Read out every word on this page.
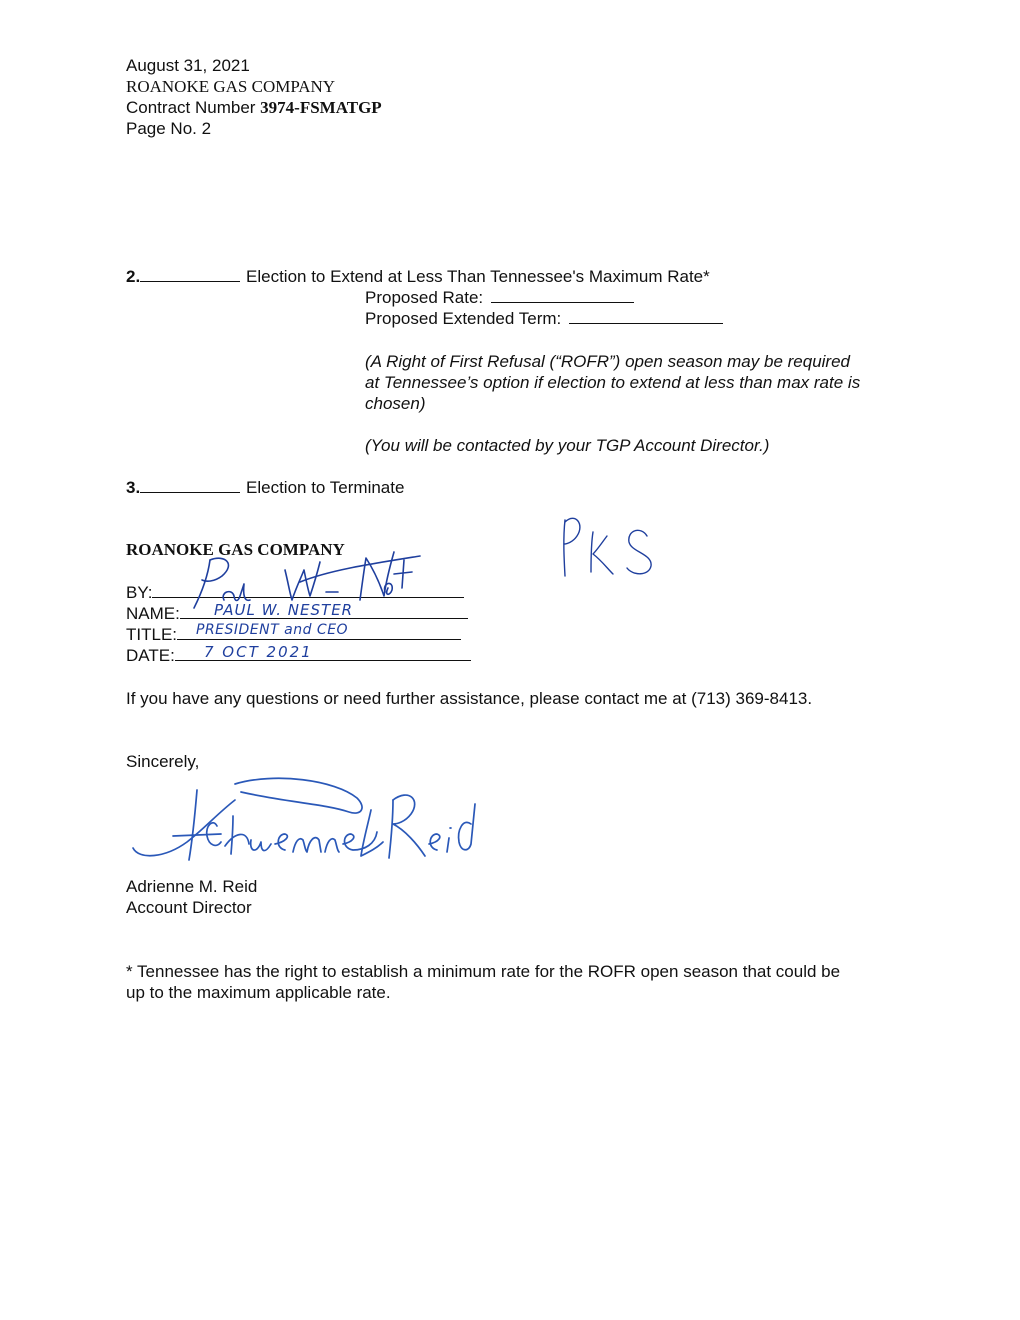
August 31, 2021
ROANOKE GAS COMPANY
Contract Number 3974-FSMATGP
Page No. 2
2.	Election to Extend at Less Than Tennessee's Maximum Rate*
Proposed Rate:
Proposed Extended Term:
(A Right of First Refusal (“ROFR”) open season may be required
at Tennessee’s option if election to extend at less than max rate is
chosen)
(You will be contacted by your TGP Account Director.)
3.	Election to Terminate
ROANOKE GAS COMPANY
BY:
NAME:	PAUL W. NESTER
TITLE:	PRESIDENT and CEO
DATE:	7 OCT 2021
If you have any questions or need further assistance, please contact me at (713) 369-8413.
Sincerely,
Adrienne M. Reid
Account Director
* Tennessee has the right to establish a minimum rate for the ROFR open season that could be
up to the maximum applicable rate.
